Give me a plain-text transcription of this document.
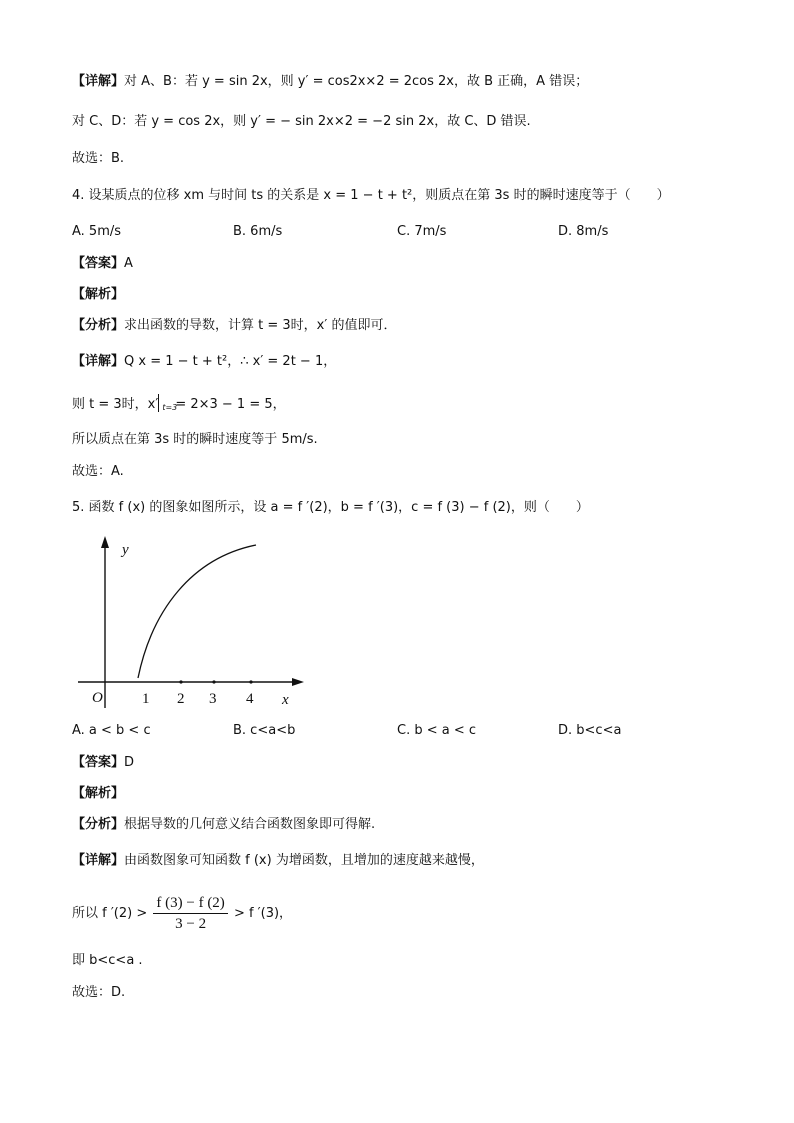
【详解】对 A、B：若 y = sin 2x，则 y′ = cos2x×2 = 2cos 2x，故 B 正确，A 错误；
对 C、D：若 y = cos 2x，则 y′ = − sin 2x×2 = −2 sin 2x，故 C、D 错误.
故选：B.
4. 设某质点的位移 xm 与时间 ts 的关系是 x = 1 − t + t²，则质点在第 3s 时的瞬时速度等于（　　）
A. 5m/s	B. 6m/s	C. 7m/s	D. 8m/s
【答案】A
【解析】
【分析】求出函数的导数，计算 t = 3时，x′ 的值即可．
【详解】Q x = 1 − t + t²，∴ x′ = 2t − 1，
则 t = 3时，x′ t=3
= 2×3 − 1 = 5，
所以质点在第 3s 时的瞬时速度等于 5m/s.
故选：A.
5. 函数 f (x) 的图象如图所示，设 a = f ′(2)，b = f ′(3)，c = f (3) − f (2)，则（　　）
y
x
O	1 2 3 4
A. a < b < c	B. c<a<b	C. b < a < c	D. b<c<a
【答案】D
【解析】
【分析】根据导数的几何意义结合函数图象即可得解.
【详解】由函数图象可知函数 f (x) 为增函数，且增加的速度越来越慢，
所以 f $'(2) > \frac{f (3) - f (2)}{3 - 2} > f$ ′(3)，
即 b<c<a .
故选：D.
